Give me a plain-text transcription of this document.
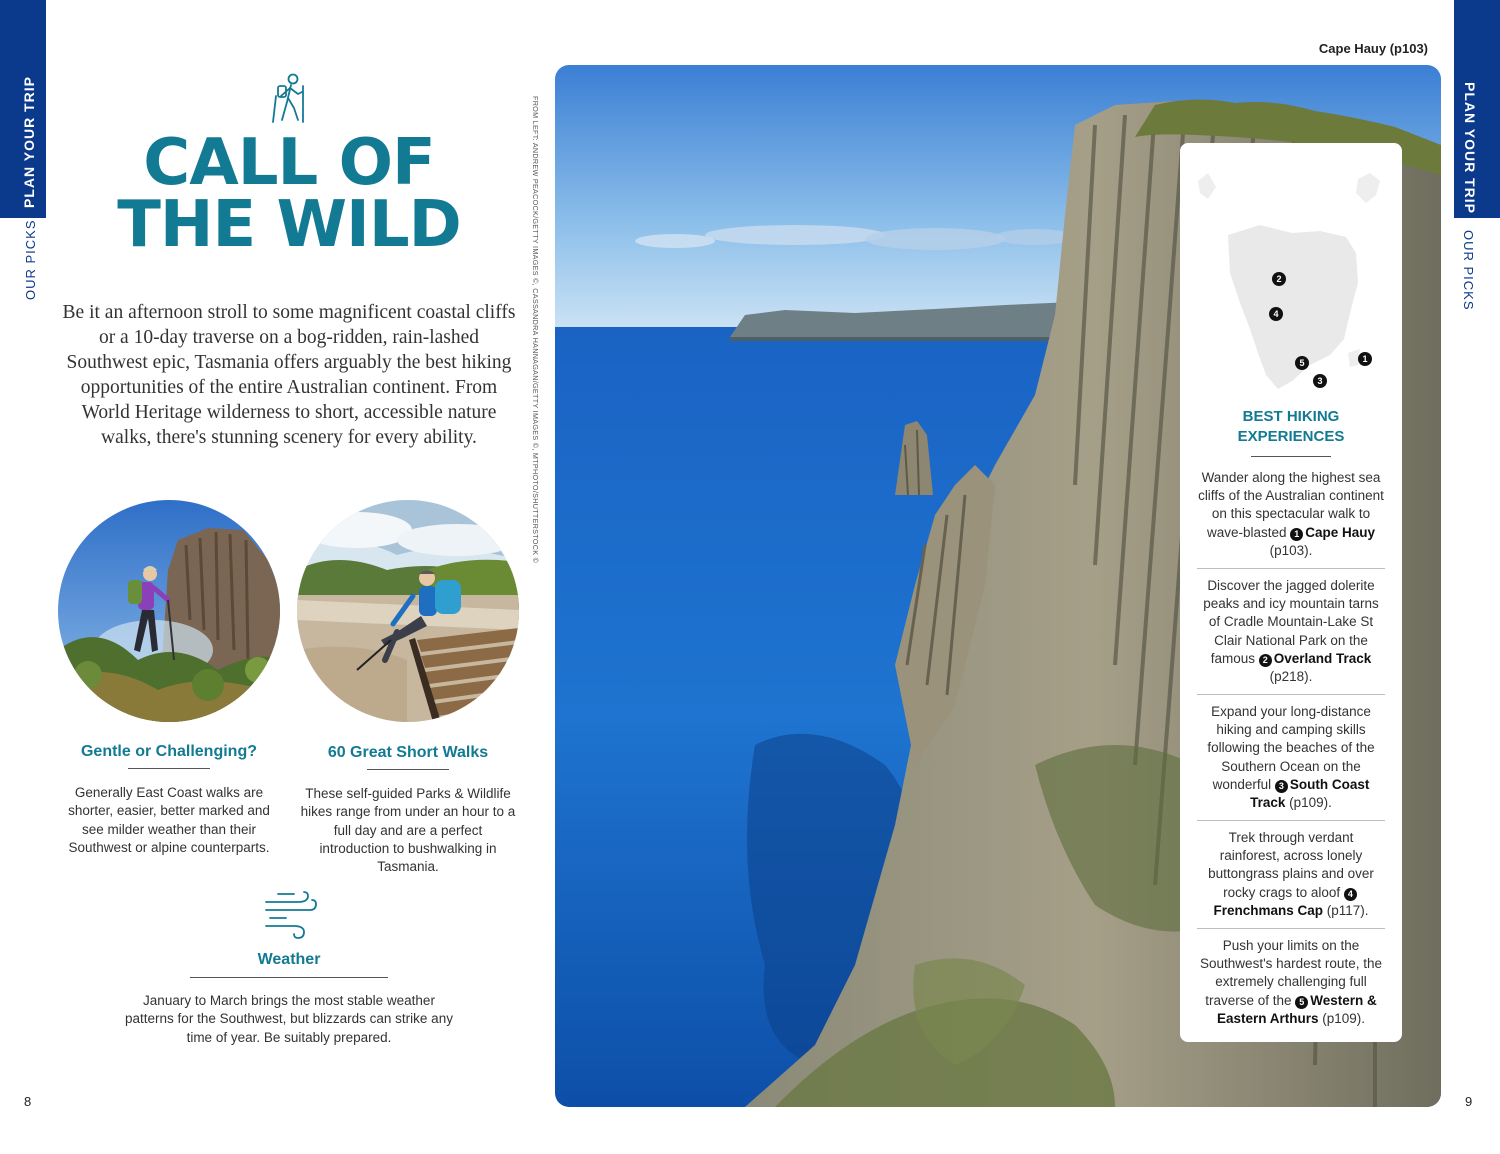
PLAN YOUR TRIP
OUR PICKS
PLAN YOUR TRIP
OUR PICKS
8	9
CALL OF
THE WILD

Be it an afternoon stroll to some magnificent coastal cliffs or a 10-day traverse on a bog-ridden, rain-lashed Southwest epic, Tasmania offers arguably the best hiking opportunities of the entire Australian continent. From World Heritage wilderness to short, accessible nature walks, there's stunning scenery for every ability.

Gentle or Challenging?

Generally East Coast walks are shorter, easier, better marked and see milder weather than their Southwest or alpine counterparts.

60 Great Short Walks

These self-guided Parks & Wildlife hikes range from under an hour to a full day and are a perfect introduction to bushwalking in Tasmania.

Weather

January to March brings the most stable weather patterns for the Southwest, but blizzards can strike any time of year. Be suitably prepared.

FROM LEFT: ANDREW PEACOCK/GETTY IMAGES ©, CASSANDRA HANNAGAN/GETTY IMAGES ©, MTPHOTO/SHUTTERSTOCK ©
Cape Hauy (p103)
1
2
3
4
5
BEST HIKING
EXPERIENCES

Wander along the highest sea cliffs of the Australian continent on this spectacular walk to wave-blasted 1 Cape Hauy (p103).

Discover the jagged dolerite peaks and icy mountain tarns of Cradle Mountain-Lake St Clair National Park on the famous 2 Overland Track (p218).

Expand your long-distance hiking and camping skills following the beaches of the Southern Ocean on the wonderful 3 South Coast Track (p109).

Trek through verdant rainforest, across lonely buttongrass plains and over rocky crags to aloof 4Frenchmans Cap (p117).

Push your limits on the Southwest's hardest route, the extremely challenging full traverse of the 5 Western & Eastern Arthurs (p109).
